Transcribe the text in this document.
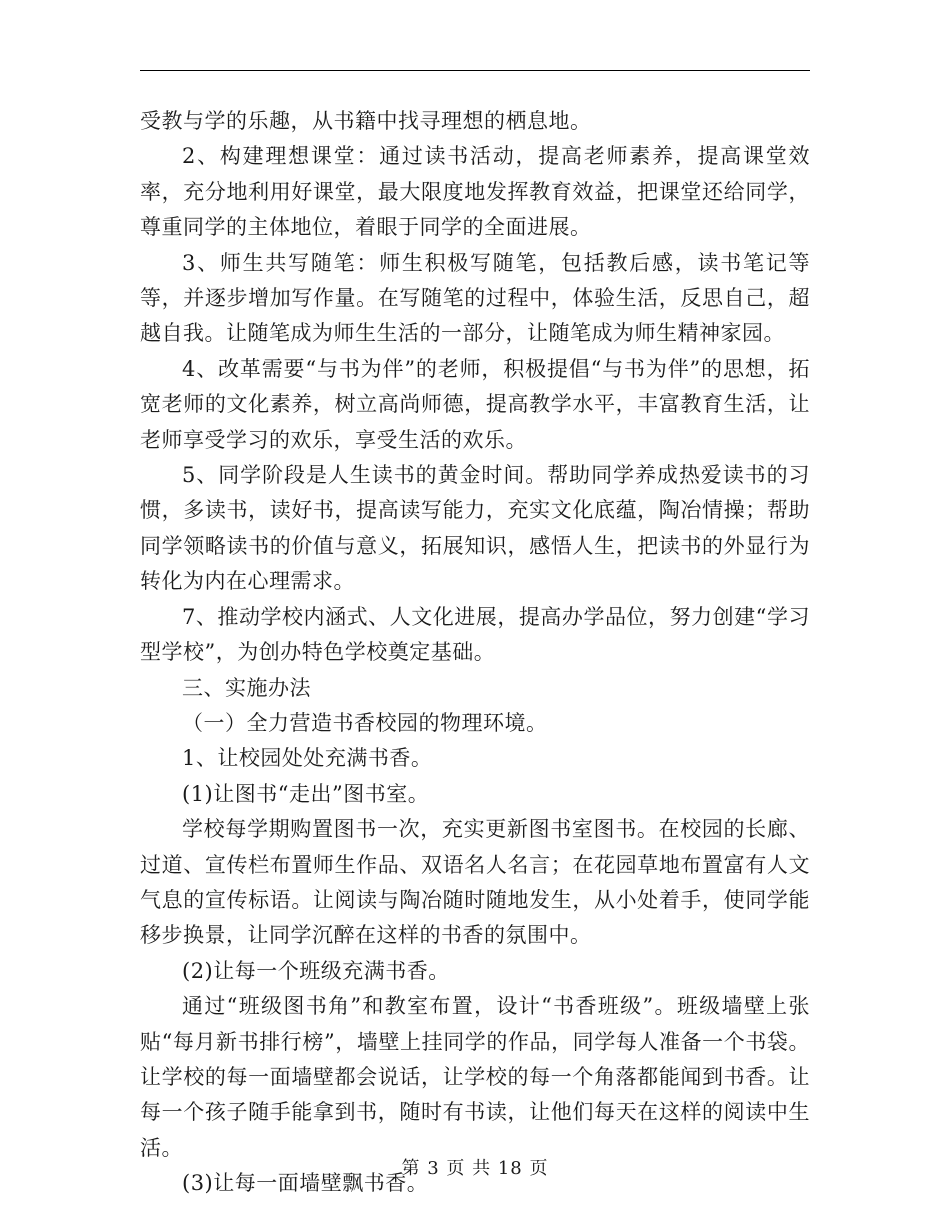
受教与学的乐趣，从书籍中找寻理想的栖息地。

2、构建理想课堂：通过读书活动，提高老师素养，提高课堂效率，充分地利用好课堂，最大限度地发挥教育效益，把课堂还给同学，尊重同学的主体地位，着眼于同学的全面进展。

3、师生共写随笔：师生积极写随笔，包括教后感，读书笔记等等，并逐步增加写作量。在写随笔的过程中，体验生活，反思自己，超越自我。让随笔成为师生生活的一部分，让随笔成为师生精神家园。

4、改革需要“与书为伴”的老师，积极提倡“与书为伴”的思想，拓宽老师的文化素养，树立高尚师德，提高教学水平，丰富教育生活，让老师享受学习的欢乐，享受生活的欢乐。

5、同学阶段是人生读书的黄金时间。帮助同学养成热爱读书的习惯，多读书，读好书，提高读写能力，充实文化底蕴，陶冶情操；帮助同学领略读书的价值与意义，拓展知识，感悟人生，把读书的外显行为转化为内在心理需求。

7、推动学校内涵式、人文化进展，提高办学品位，努力创建“学习型学校”，为创办特色学校奠定基础。

三、实施办法

（一）全力营造书香校园的物理环境。

1、让校园处处充满书香。

(1)让图书“走出”图书室。

学校每学期购置图书一次，充实更新图书室图书。在校园的长廊、过道、宣传栏布置师生作品、双语名人名言；在花园草地布置富有人文气息的宣传标语。让阅读与陶冶随时随地发生，从小处着手，使同学能移步换景，让同学沉醉在这样的书香的氛围中。

(2)让每一个班级充满书香。

通过“班级图书角”和教室布置，设计“书香班级”。班级墙壁上张贴“每月新书排行榜”，墙壁上挂同学的作品，同学每人准备一个书袋。让学校的每一面墙壁都会说话，让学校的每一个角落都能闻到书香。让每一个孩子随手能拿到书，随时有书读，让他们每天在这样的阅读中生活。

(3)让每一面墙壁飘书香。

第 3 页 共 18 页
